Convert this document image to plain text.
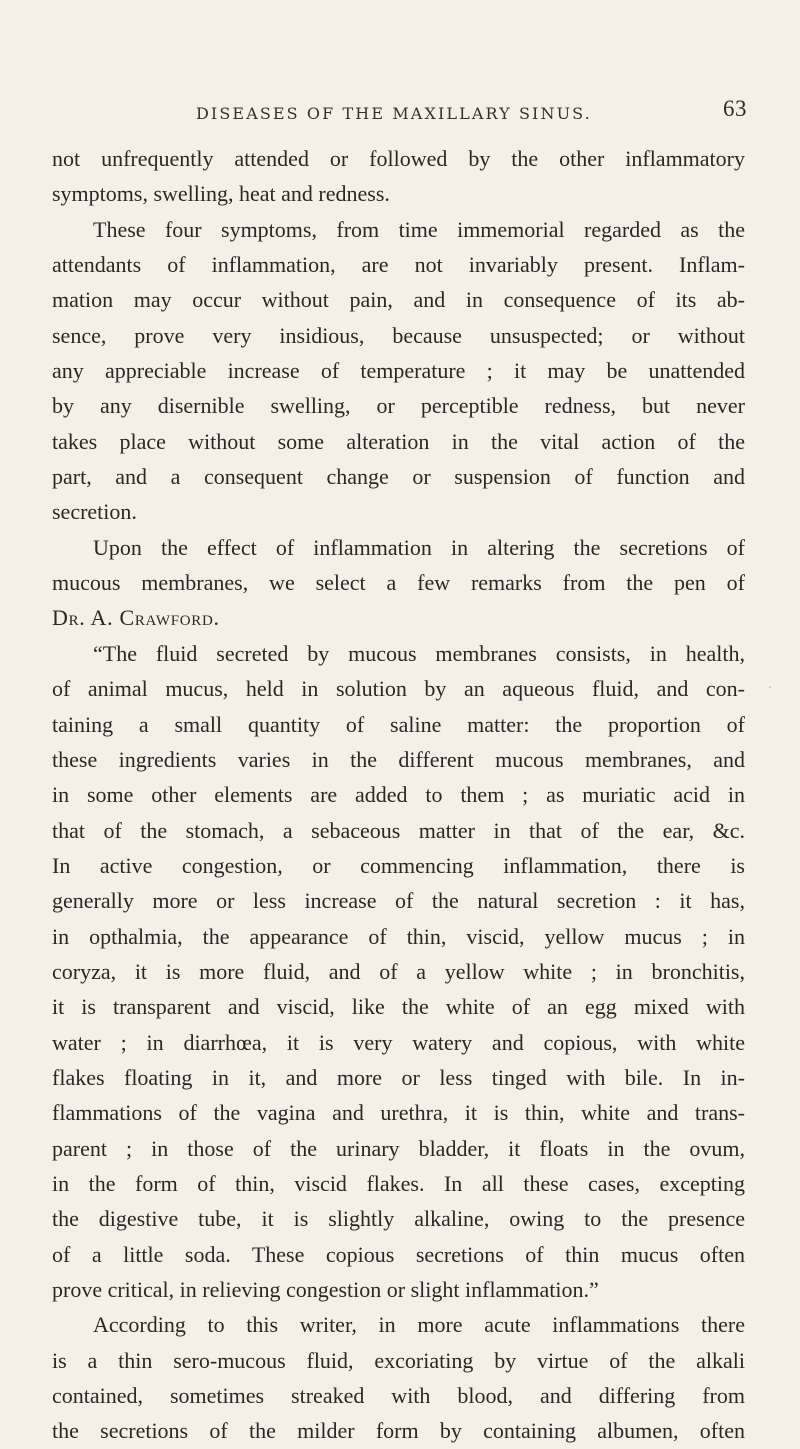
DISEASES OF THE MAXILLARY SINUS.	63
not unfrequently attended or followed by the other inflammatory
symptoms, swelling, heat and redness.
These four symptoms, from time immemorial regarded as the
attendants of inflammation, are not invariably present. Inflam-
mation may occur without pain, and in consequence of its ab-
sence, prove very insidious, because unsuspected; or without
any appreciable increase of temperature ; it may be unattended
by any disernible swelling, or perceptible redness, but never
takes place without some alteration in the vital action of the
part, and a consequent change or suspension of function and
secretion.
Upon the effect of inflammation in altering the secretions of
mucous membranes, we select a few remarks from the pen of
Dr. A. Crawford.
“The fluid secreted by mucous membranes consists, in health,
of animal mucus, held in solution by an aqueous fluid, and con-
taining a small quantity of saline matter: the proportion of
these ingredients varies in the different mucous membranes, and
in some other elements are added to them ; as muriatic acid in
that of the stomach, a sebaceous matter in that of the ear, &c.
In active congestion, or commencing inflammation, there is
generally more or less increase of the natural secretion : it has,
in opthalmia, the appearance of thin, viscid, yellow mucus ; in
coryza, it is more fluid, and of a yellow white ; in bronchitis,
it is transparent and viscid, like the white of an egg mixed with
water ; in diarrhœa, it is very watery and copious, with white
flakes floating in it, and more or less tinged with bile. In in-
flammations of the vagina and urethra, it is thin, white and trans-
parent ; in those of the urinary bladder, it floats in the ovum,
in the form of thin, viscid flakes. In all these cases, excepting
the digestive tube, it is slightly alkaline, owing to the presence
of a little soda. These copious secretions of thin mucus often
prove critical, in relieving congestion or slight inflammation.”
According to this writer, in more acute inflammations there
is a thin sero-mucous fluid, excoriating by virtue of the alkali
contained, sometimes streaked with blood, and differing from
the secretions of the milder form by containing albumen, often
